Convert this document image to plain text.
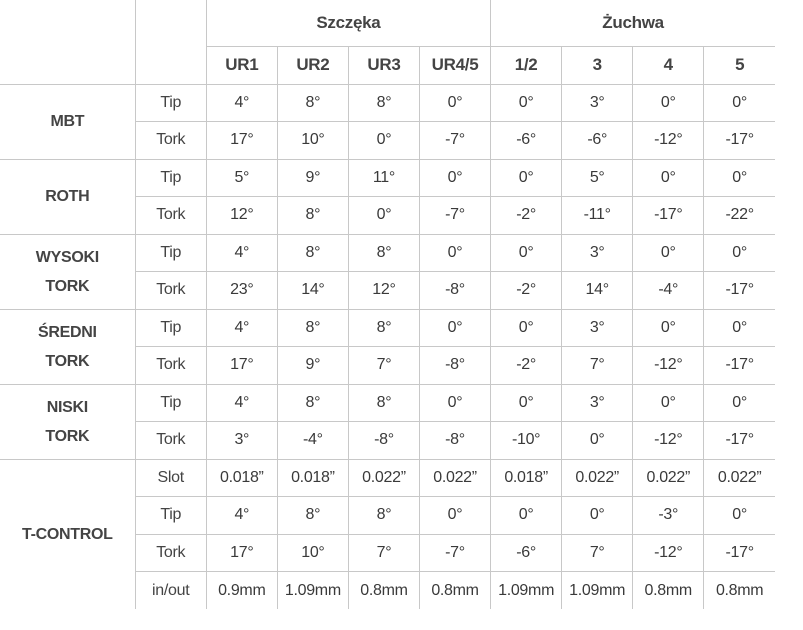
		Szczęka				Żuchwa			
		UR1	UR2	UR3	UR4/5	1/2	3	4	5
MBT	Tip	4°	8°	8°	0°	0°	3°	0°	0°
	Tork	17°	10°	0°	-7°	-6°	-6°	-12°	-17°
ROTH	Tip	5°	9°	11°	0°	0°	5°	0°	0°
	Tork	12°	8°	0°	-7°	-2°	-11°	-17°	-22°
WYSOKI
TORK	Tip	4°	8°	8°	0°	0°	3°	0°	0°
	Tork	23°	14°	12°	-8°	-2°	14°	-4°	-17°
ŚREDNI
TORK	Tip	4°	8°	8°	0°	0°	3°	0°	0°
	Tork	17°	9°	7°	-8°	-2°	7°	-12°	-17°
NISKI
TORK	Tip	4°	8°	8°	0°	0°	3°	0°	0°
	Tork	3°	-4°	-8°	-8°	-10°	0°	-12°	-17°
T-CONTROL	Slot	0.018”	0.018”	0.022”	0.022”	0.018”	0.022”	0.022”	0.022”
	Tip	4°	8°	8°	0°	0°	0°	-3°	0°
	Tork	17°	10°	7°	-7°	-6°	7°	-12°	-17°
	in/out	0.9mm	1.09mm	0.8mm	0.8mm	1.09mm	1.09mm	0.8mm	0.8mm
